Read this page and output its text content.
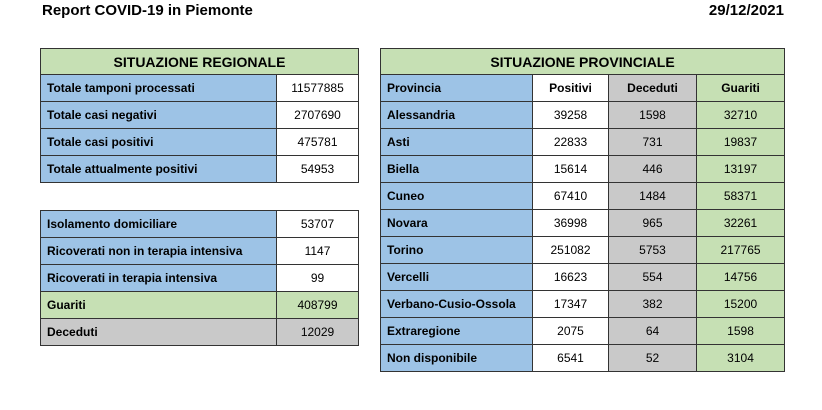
Report COVID-19 in Piemonte	29/12/2021
SITUAZIONE REGIONALE	
Totale tamponi processati	11577885
Totale casi negativi	2707690
Totale casi positivi	475781
Totale attualmente positivi	54953
Isolamento domiciliare	53707
Ricoverati non in terapia intensiva	1147
Ricoverati in terapia intensiva	99
Guariti	408799
Deceduti	12029
SITUAZIONE PROVINCIALE			
Provincia	Positivi	Deceduti	Guariti
Alessandria	39258	1598	32710
Asti	22833	731	19837
Biella	15614	446	13197
Cuneo	67410	1484	58371
Novara	36998	965	32261
Torino	251082	5753	217765
Vercelli	16623	554	14756
Verbano-Cusio-Ossola	17347	382	15200
Extraregione	2075	64	1598
Non disponibile	6541	52	3104
